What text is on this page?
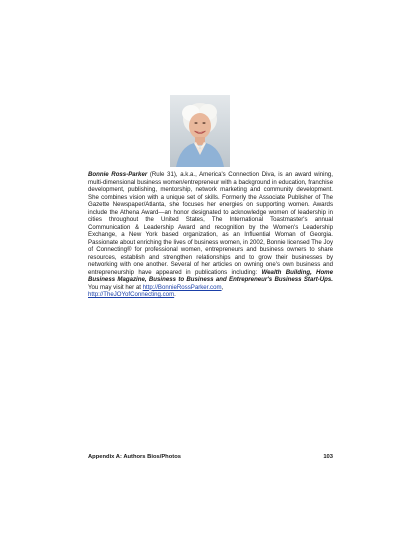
Bonnie Ross-Parker (Rule 31), a.k.a., America's Connection Diva, is an award wining, multi-dimensional business women/entrepreneur with a background in education, franchise development, publishing, mentorship, network marketing and community development. She combines vision with a unique set of skills. Formerly the Associate Publisher of The Gazette Newspaper/Atlanta, she focuses her energies on supporting women. Awards include the Athena Award—an honor designated to acknowledge women of leadership in cities throughout the United States, The International Toastmaster's annual Communication & Leadership Award and recognition by the Women's Leadership Exchange, a New York based organization, as an Influential Woman of Georgia. Passionate about enriching the lives of business women, in 2002, Bonnie licensed The Joy of Connecting® for professional women, entrepreneurs and business owners to share resources, establish and strengthen relationships and to grow their businesses by networking with one another. Several of her articles on owning one's own business and entrepreneurship have appeared in publications including: Wealth Building, Home Business Magazine, Business to Business and Entrepreneur's Business Start-Ups. You may visit her at http://BonnieRossParker.com,
http://TheJOYofConnecting.com.
Appendix A: Authors Bios/Photos	103
